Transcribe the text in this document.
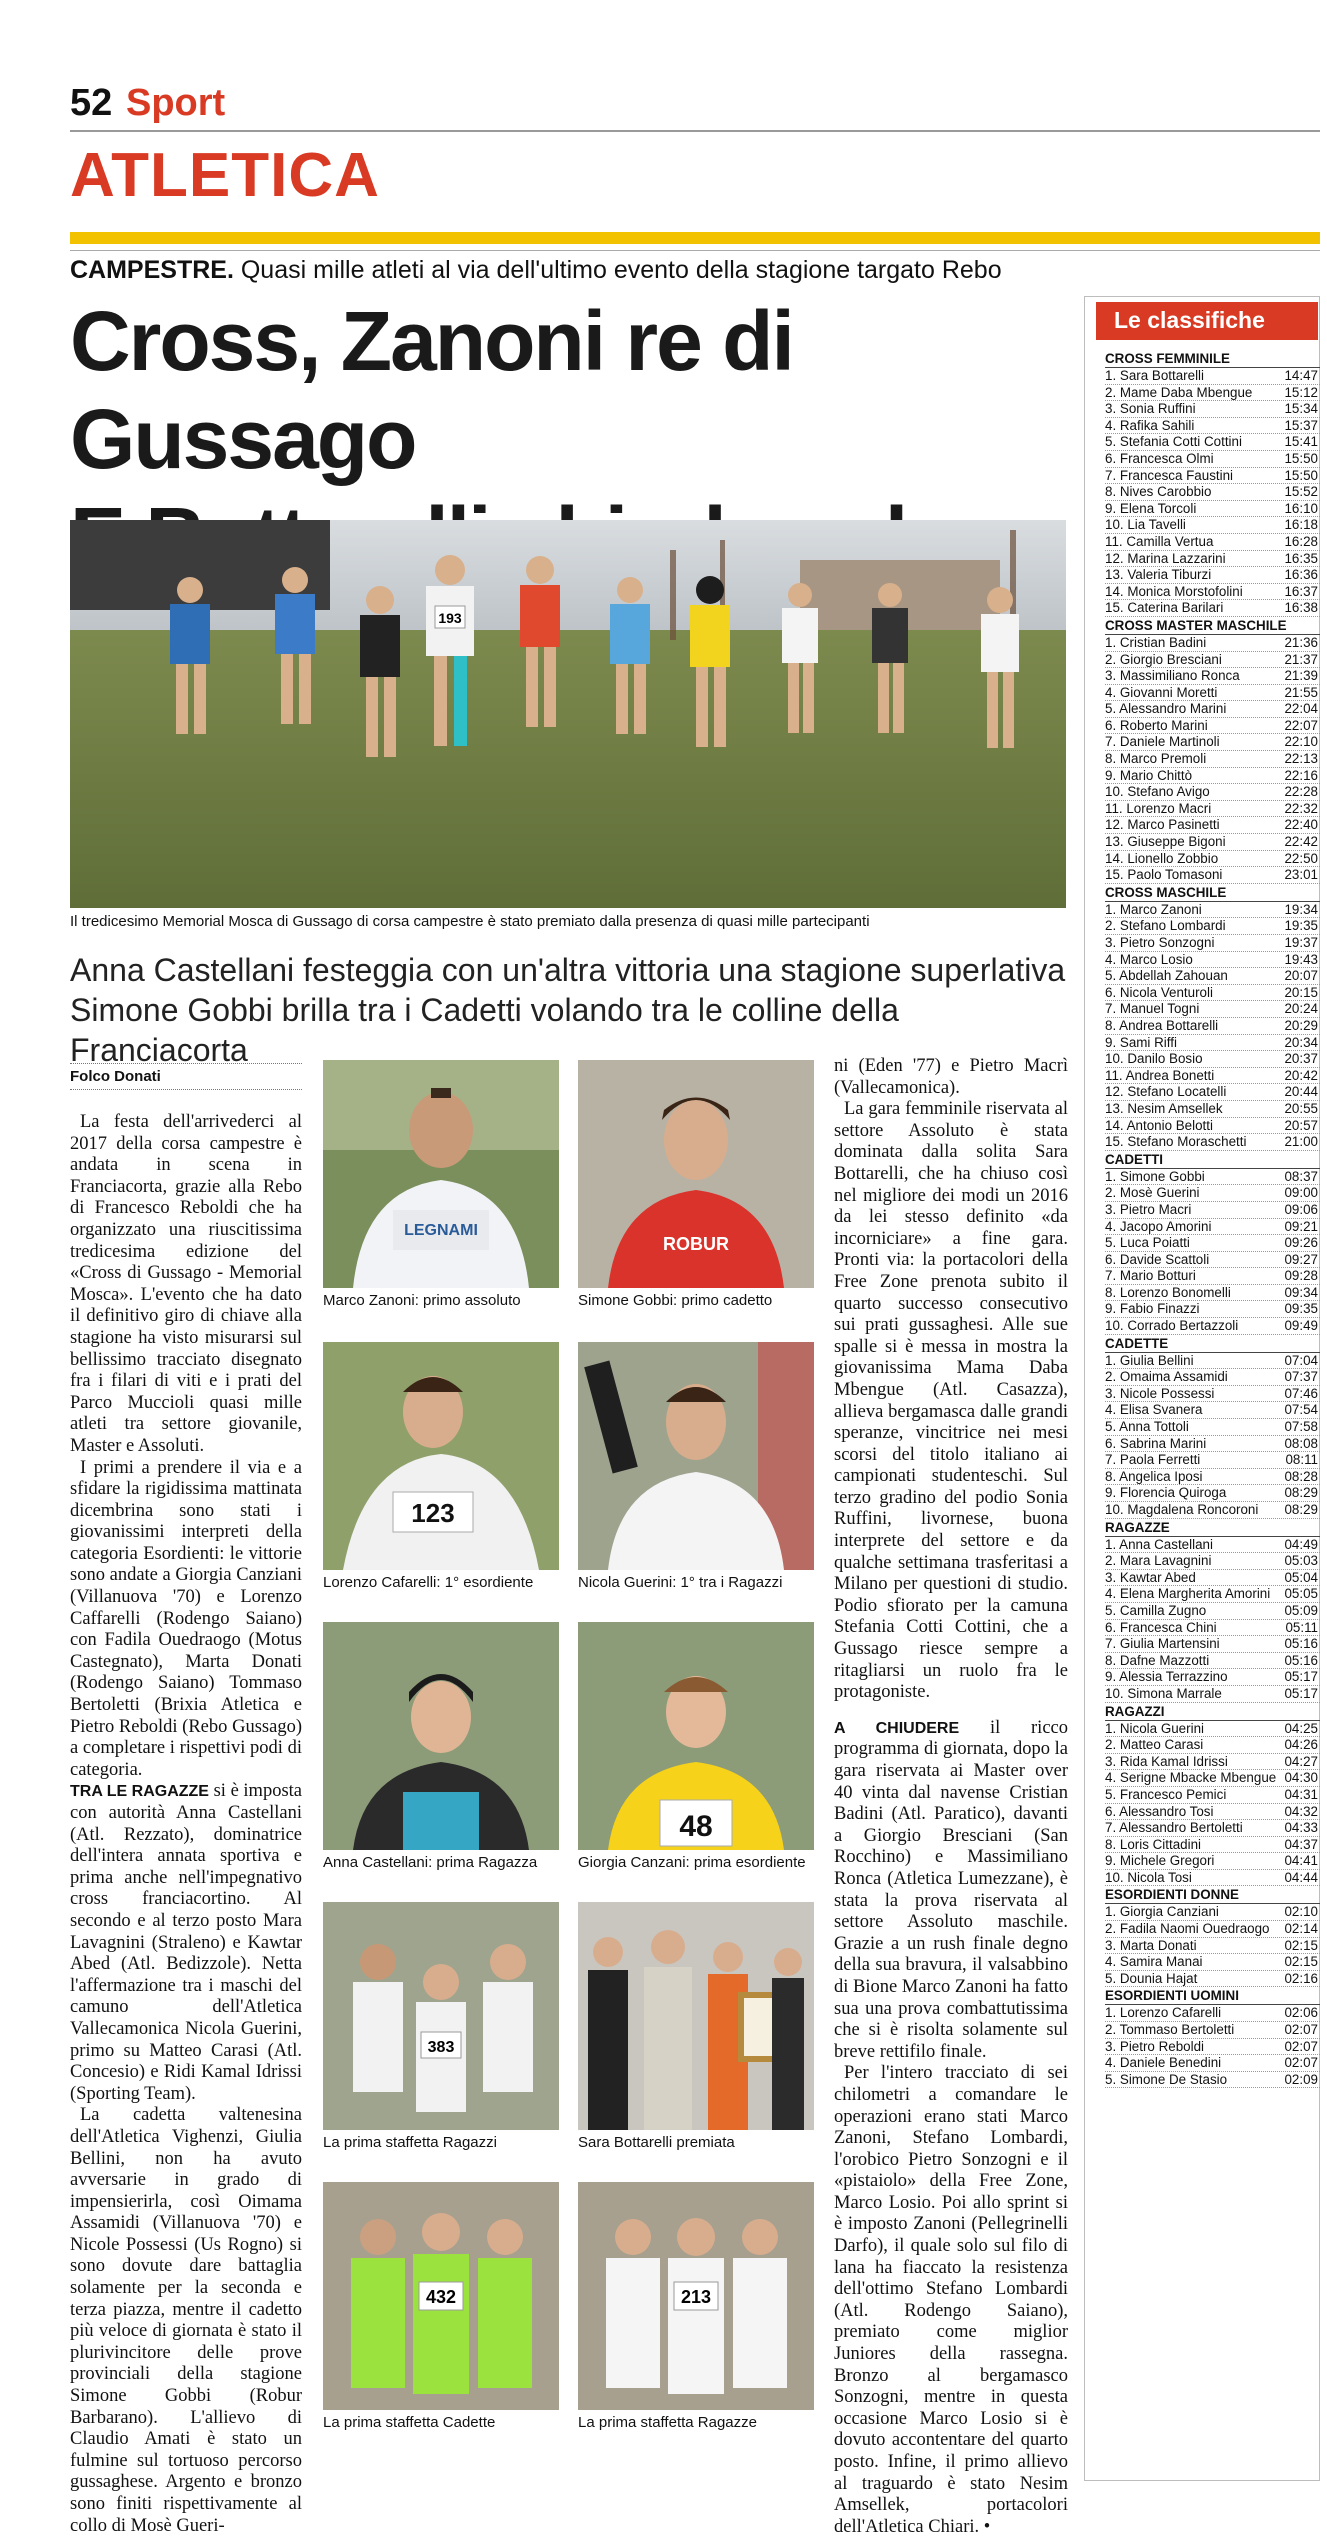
52 Sport
ATLETICA
CAMPESTRE. Quasi mille atleti al via dell'ultimo evento della stagione targato Rebo
Cross, Zanoni re di Gussago
193
Il tredicesimo Memorial Mosca di Gussago di corsa campestre è stato premiato dalla presenza di quasi mille partecipanti
Anna Castellani festeggia con un'altra vittoria una stagione superlativa
Simone Gobbi brilla tra i Cadetti volando tra le colline della Franciacorta
Folco Donati

La festa dell'arrivederci al 2017 della corsa campestre è andata in scena in Franciacorta, grazie alla Rebo di Francesco Reboldi che ha organizzato una riuscitissima tredicesima edizione del «Cross di Gussago - Memorial Mosca». L'evento che ha dato il definitivo giro di chiave alla stagione ha visto misurarsi sul bellissimo tracciato disegnato fra i filari di viti e i prati del Parco Muccioli quasi mille atleti tra settore giovanile, Master e Assoluti.

I primi a prendere il via e a sfidare la rigidissima mattinata dicembrina sono stati i giovanissimi interpreti della categoria Esordienti: le vittorie sono andate a Giorgia Canziani (Villanuova '70) e Lorenzo Caffarelli (Rodengo Saiano) con Fadila Ouedraogo (Motus Castegnato), Marta Donati (Rodengo Saiano) Tommaso Bertoletti (Brixia Atletica e Pietro Reboldi (Rebo Gussago) a completare i rispettivi podi di categoria.

TRA LE RAGAZZE si è imposta con autorità Anna Castellani (Atl. Rezzato), dominatrice dell'intera annata sportiva e prima anche nell'impegnativo cross franciacortino. Al secondo e al terzo posto Mara Lavagnini (Straleno) e Kawtar Abed (Atl. Bedizzole). Netta l'affermazione tra i maschi del camuno dell'Atletica Vallecamonica Nicola Guerini, primo su Matteo Carasi (Atl. Concesio) e Ridi Kamal Idrissi (Sporting Team).

La cadetta valtenesina dell'Atletica Vighenzi, Giulia Bellini, non ha avuto avversarie in grado di impensierirla, così Oimama Assamidi (Villanuova '70) e Nicole Possessi (Us Rogno) si sono dovute dare battaglia solamente per la seconda e terza piazza, mentre il cadetto più veloce di giornata è stato il plurivincitore delle prove provinciali della stagione Simone Gobbi (Robur Barbarano). L'allievo di Claudio Amati è stato un fulmine sul tortuoso percorso gussaghese. Argento e bronzo sono finiti rispettivamente al collo di Mosè Gueri-

LEGNAMI
Marco Zanoni: primo assoluto
ROBUR
Simone Gobbi: primo cadetto
123
Lorenzo Cafarelli: 1° esordiente	Nicola Guerini: 1° tra i Ragazzi
Anna Castellani: prima Ragazza
48
Giorgia Canzani: prima esordiente
383
La prima staffetta Ragazzi	Sara Bottarelli premiata
432
La prima staffetta Cadette
213
La prima staffetta Ragazze

ni (Eden '77) e Pietro Macrì (Vallecamonica).

La gara femminile riservata al settore Assoluto è stata dominata dalla solita Sara Bottarelli, che ha chiuso così nel migliore dei modi un 2016 da lei stesso definito «da incorniciare» a fine gara. Pronti via: la portacolori della Free Zone prenota subito il quarto successo consecutivo sui prati gussaghesi. Alle sue spalle si è messa in mostra la giovanissima Mama Daba Mbengue (Atl. Casazza), allieva bergamasca dalle grandi speranze, vincitrice nei mesi scorsi del titolo italiano ai campionati studenteschi. Sul terzo gradino del podio Sonia Ruffini, livornese, buona interprete del settore e da qualche settimana trasferitasi a Milano per questioni di studio. Podio sfiorato per la camuna Stefania Cotti Cottini, che a Gussago riesce sempre a ritagliarsi un ruolo fra le protagoniste.

A CHIUDERE il ricco programma di giornata, dopo la gara riservata ai Master over 40 vinta dal navense Cristian Badini (Atl. Paratico), davanti a Giorgio Bresciani (San Rocchino) e Massimiliano Ronca (Atletica Lumezzane), è stata la prova riservata al settore Assoluto maschile. Grazie a un rush finale degno della sua bravura, il valsabbino di Bione Marco Zanoni ha fatto sua una prova combattutissima che si è risolta solamente sul breve rettifilo finale.

Per l'intero tracciato di sei chilometri a comandare le operazioni erano stati Marco Zanoni, Stefano Lombardi, l'orobico Pietro Sonzogni e il «pistaiolo» della Free Zone, Marco Losio. Poi allo sprint si è imposto Zanoni (Pellegrinelli Darfo), il quale solo sul filo di lana ha fiaccato la resistenza dell'ottimo Stefano Lombardi (Atl. Rodengo Saiano), premiato come miglior Juniores della rassegna. Bronzo al bergamasco Sonzogni, mentre in questa occasione Marco Losio si è dovuto accontentare del quarto posto. Infine, il primo allievo al traguardo è stato Nesim Amsellek, portacolori dell'Atletica Chiari. •

Le classifiche
CROSS FEMMINILE
1. Sara Bottarelli	14:47
2. Mame Daba Mbengue 15:12
3. Sonia Ruffini	15:34
4. Rafika Sahili	15:37
5. Stefania Cotti Cottini	15:41
6. Francesca Olmi	15:50
7. Francesca Faustini	15:50
8. Nives Carobbio	15:52
9. Elena Torcoli	16:10
10. Lia Tavelli	16:18
11. Camilla Vertua	16:28
12. Marina Lazzarini	16:35
13. Valeria Tiburzi	16:36
14. Monica Morstofolini	16:37
15. Caterina Barilari	16:38
CROSS MASTER MASCHILE
1. Cristian Badini	21:36
2. Giorgio Bresciani	21:37
3. Massimiliano Ronca	21:39
4. Giovanni Moretti	21:55
5. Alessandro Marini	22:04
6. Roberto Marini	22:07
7. Daniele Martinoli	22:10
8. Marco Premoli	22:13
9. Mario Chittò	22:16
10. Stefano Avigo	22:28
11. Lorenzo Macri	22:32
12. Marco Pasinetti	22:40
13. Giuseppe Bigoni	22:42
14. Lionello Zobbio	22:50
15. Paolo Tomasoni	23:01
CROSS MASCHILE
1. Marco Zanoni	19:34
2. Stefano Lombardi	19:35
3. Pietro Sonzogni	19:37
4. Marco Losio	19:43
5. Abdellah Zahouan	20:07
6. Nicola Venturoli	20:15
7. Manuel Togni	20:24
8. Andrea Bottarelli	20:29
9. Sami Riffi	20:34
10. Danilo Bosio	20:37
11. Andrea Bonetti	20:42
12. Stefano Locatelli	20:44
13. Nesim Amsellek	20:55
14. Antonio Belotti	20:57
15. Stefano Moraschetti	21:00
CADETTI
1. Simone Gobbi	08:37
2. Mosè Guerini	09:00
3. Pietro Macri	09:06
4. Jacopo Amorini	09:21
5. Luca Poiatti	09:26
6. Davide Scattoli	09:27
7. Mario Botturi	09:28
8. Lorenzo Bonomelli	09:34
9. Fabio Finazzi	09:35
10. Corrado Bertazzoli	09:49
CADETTE
1. Giulia Bellini	07:04
2. Omaima Assamidi	07:37
3. Nicole Possessi	07:46
4. Elisa Svanera	07:54
5. Anna Tottoli	07:58
6. Sabrina Marini	08:08
7. Paola Ferretti	08:11
8. Angelica Iposi	08:28
9. Florencia Quiroga	08:29
10. Magdalena Roncoroni 08:29
RAGAZZE
1. Anna Castellani	04:49
2. Mara Lavagnini	05:03
3. Kawtar Abed	05:04
4. Elena Margherita Amorini 05:05
5. Camilla Zugno	05:09
6. Francesca Chini	05:11
7. Giulia Martensini	05:16
8. Dafne Mazzotti	05:16
9. Alessia Terrazzino	05:17
10. Simona Marrale	05:17
RAGAZZI
1. Nicola Guerini	04:25
2. Matteo Carasi	04:26
3. Rida Kamal Idrissi	04:27
4. Serigne Mbacke Mbengue 04:30
5. Francesco Pemici	04:31
6. Alessandro Tosi	04:32
7. Alessandro Bertoletti	04:33
8. Loris Cittadini	04:37
9. Michele Gregori	04:41
10. Nicola Tosi	04:44
ESORDIENTI DONNE
1. Giorgia Canziani	02:10
2. Fadila Naomi Ouedraogo 02:14
3. Marta Donati	02:15
4. Samira Manai	02:15
5. Dounia Hajat	02:16
ESORDIENTI UOMINI
1. Lorenzo Cafarelli	02:06
2. Tommaso Bertoletti	02:07
3. Pietro Reboldi	02:07
4. Daniele Benedini	02:07
5. Simone De Stasio	02:09
